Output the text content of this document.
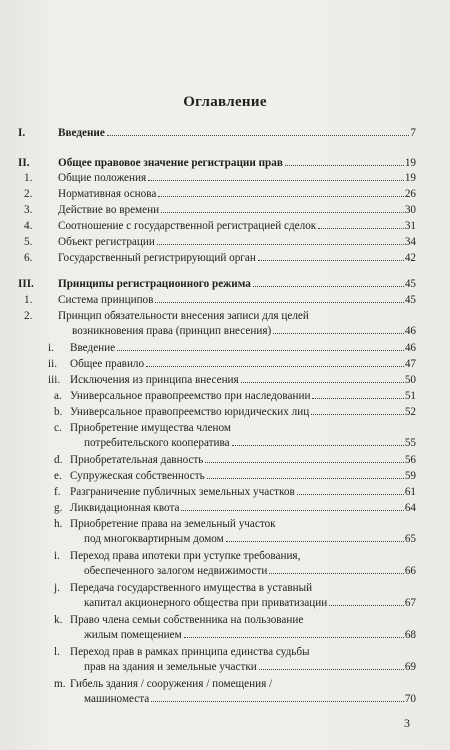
Оглавление
I.	Введение	7
II.	Общее правовое значение регистрации прав	19
1. Общие положения	19
2. Нормативная основа	26
3. Действие во времени	30
4. Соотношение с государственной регистрацией сделок	31
5. Объект регистрации	34
6. Государственный регистрирующий орган	42
III. Принципы регистрационного режима	45
1. Система принципов	45
2. Принцип обязательности внесения записи для целей
возникновения права (принцип внесения)	46
i. Введение	46
ii. Общее правило	47
iii. Исключения из принципа внесения	50
a. Универсальное правопреемство при наследовании	51
b. Универсальное правопреемство юридических лиц	52
c. Приобретение имущества членом
потребительского кооператива	55
d. Приобретательная давность	56
e. Супружеская собственность	59
f. Разграничение публичных земельных участков	61
g. Ликвидационная квота	64
h. Приобретение права на земельный участок
под многоквартирным домом	65
i. Переход права ипотеки при уступке требования,
обеспеченного залогом недвижимости	66
j. Передача государственного имущества в уставный
капитал акционерного общества при приватизации	67
k. Право члена семьи собственника на пользование
жилым помещением	68
l. Переход прав в рамках принципа единства судьбы
прав на здания и земельные участки	69
m. Гибель здания / сооружения / помещения /
машиноместа	70
3
